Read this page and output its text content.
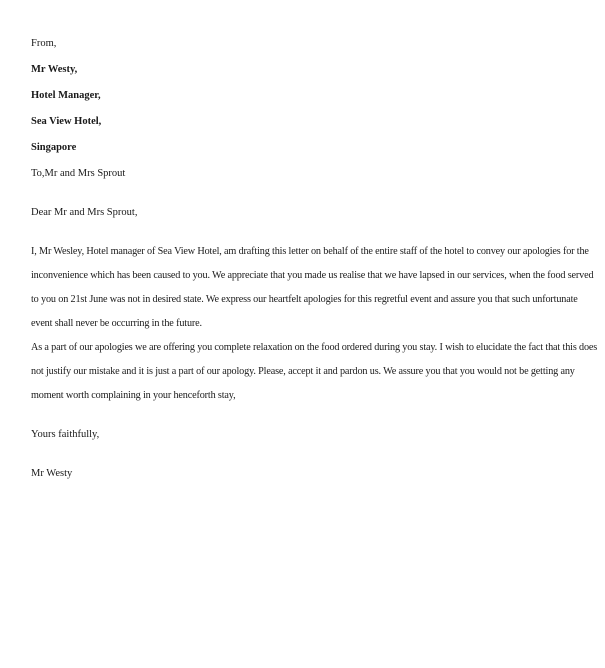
From,
Mr Westy,
Hotel Manager,
Sea View Hotel,
Singapore
To,Mr and Mrs Sprout
Dear Mr and Mrs Sprout,
I, Mr Wesley, Hotel manager of Sea View Hotel, am drafting this letter on behalf of the entire staff of the hotel to convey our apologies for the
inconvenience which has been caused to you. We appreciate that you made us realise that we have lapsed in our services, when the food served
to you on 21st June was not in desired state. We express our heartfelt apologies for this regretful event and assure you that such unfortunate
event shall never be occurring in the future.
As a part of our apologies we are offering you complete relaxation on the food ordered during you stay. I wish to elucidate the fact that this does
not justify our mistake and it is just a part of our apology. Please, accept it and pardon us. We assure you that you would not be getting any
moment worth complaining in your henceforth stay,
Yours faithfully,
Mr Westy
